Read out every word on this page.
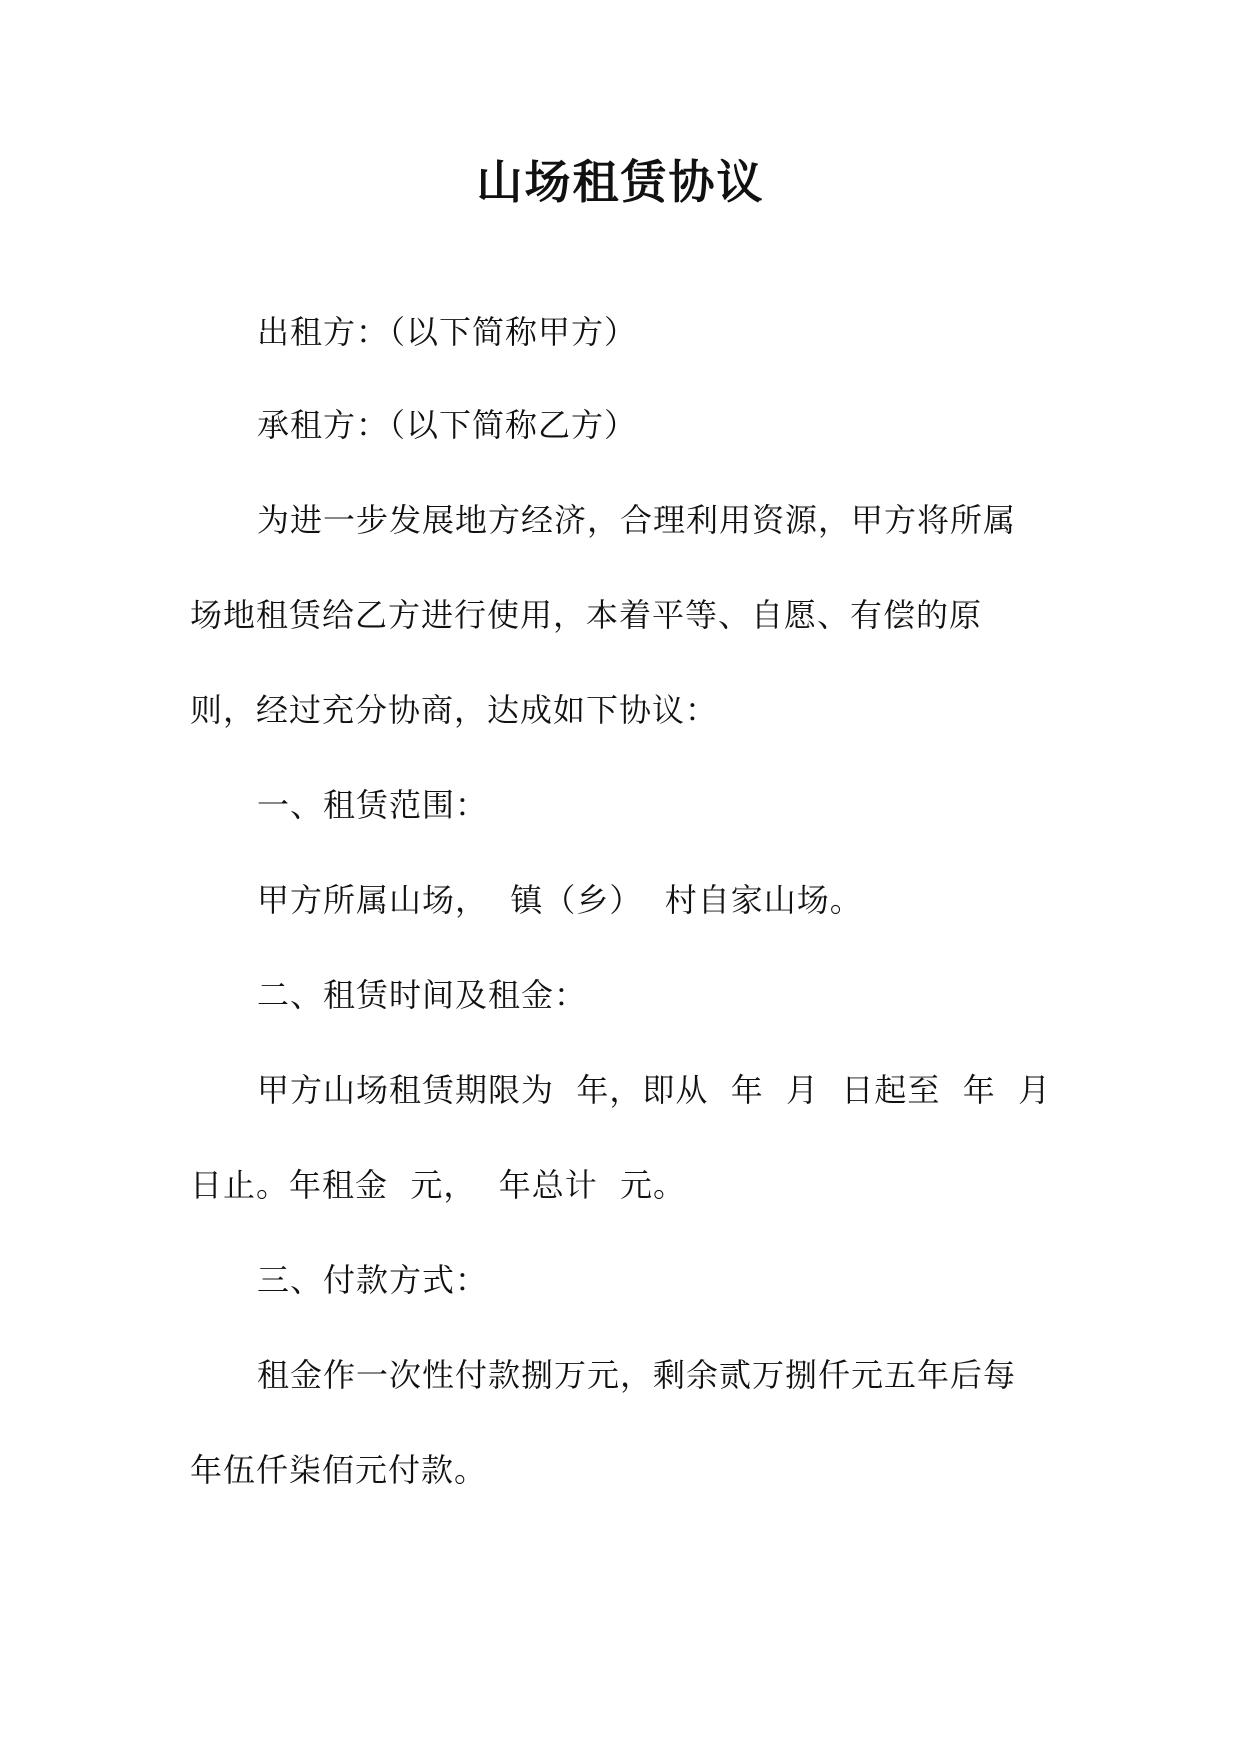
山场租赁协议
出租方：（以下简称甲方）
承租方：（以下简称乙方）
为进一步发展地方经济，合理利用资源，甲方将所属
场地租赁给乙方进行使用，本着平等、自愿、有偿的原
则，经过充分协商，达成如下协议：
一、租赁范围：
甲方所属山场，  镇（乡）  村自家山场。
二、租赁时间及租金：
甲方山场租赁期限为  年，即从  年  月  日起至  年  月
日止。年租金  元，  年总计  元。
三、付款方式：
租金作一次性付款捌万元，剩余贰万捌仟元五年后每
年伍仟柒佰元付款。
